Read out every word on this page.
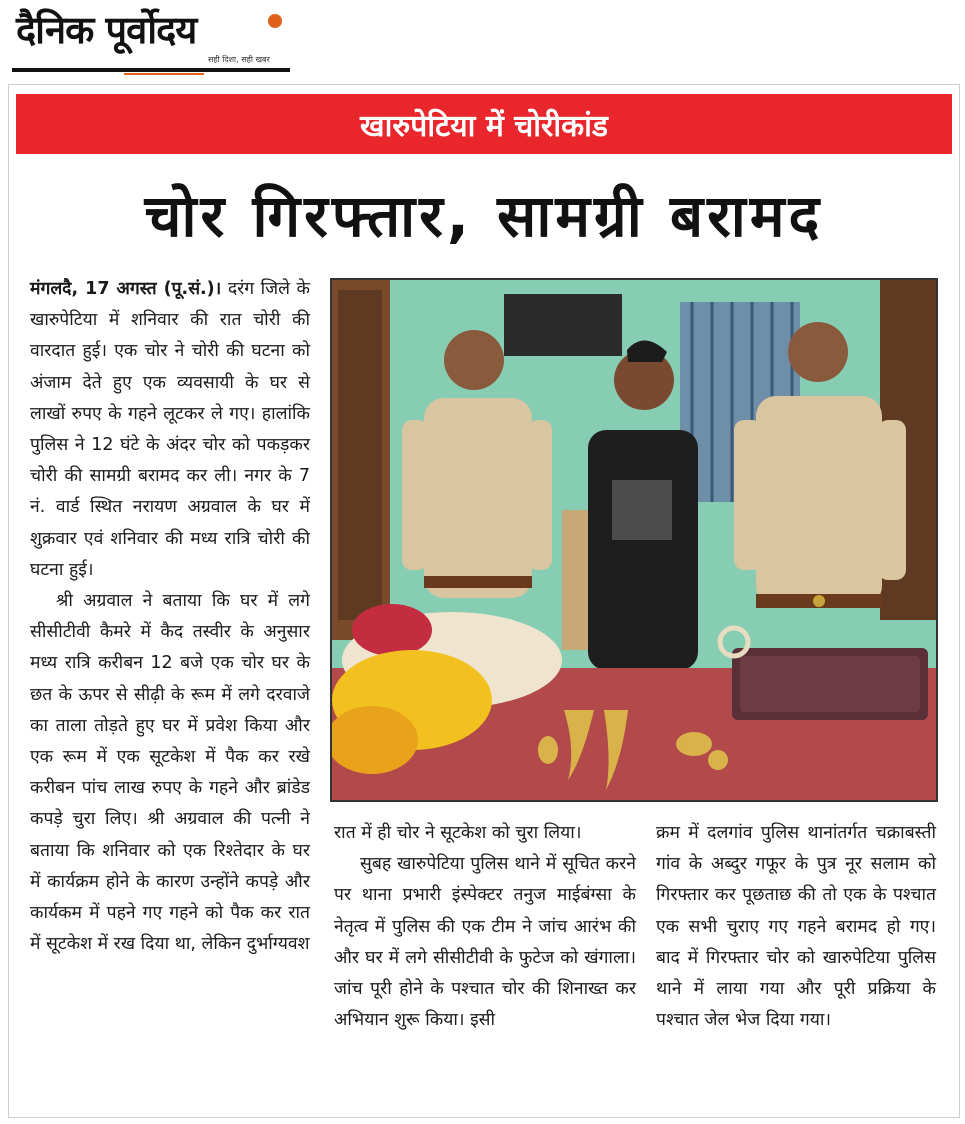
दैनिक पूर्वोदय
सही दिशा, सही खबर
खारुपेटिया में चोरीकांड
चोर गिरफ्तार, सामग्री बरामद

मंगलदै, 17 अगस्त (पू.सं.)। दरंग जिले के खारुपेटिया में शनिवार की रात चोरी की वारदात हुई। एक चोर ने चोरी की घटना को अंजाम देते हुए एक व्यवसायी के घर से लाखों रुपए के गहने लूटकर ले गए। हालांकि पुलिस ने 12 घंटे के अंदर चोर को पकड़कर चोरी की सामग्री बरामद कर ली। नगर के 7 नं. वार्ड स्थित नरायण अग्रवाल के घर में शुक्रवार एवं शनिवार की मध्य रात्रि चोरी की घटना हुई।

श्री अग्रवाल ने बताया कि घर में लगे सीसीटीवी कैमरे में कैद तस्वीर के अनुसार मध्य रात्रि करीबन 12 बजे एक चोर घर के छत के ऊपर से सीढ़ी के रूम में लगे दरवाजे का ताला तोड़ते हुए घर में प्रवेश किया और एक रूम में एक सूटकेश में पैक कर रखे करीबन पांच लाख रुपए के गहने और ब्रांडेड कपड़े चुरा लिए। श्री अग्रवाल की पत्नी ने बताया कि शनिवार को एक रिश्तेदार के घर में कार्यक्रम होने के कारण उन्होंने कपड़े और कार्यकम में पहने गए गहने को पैक कर रात में सूटकेश में रख दिया था, लेकिन दुर्भाग्यवश

रात में ही चोर ने सूटकेश को चुरा लिया।

सुबह खारुपेटिया पुलिस थाने में सूचित करने पर थाना प्रभारी इंस्पेक्टर तनुज माईबंग्सा के नेतृत्व में पुलिस की एक टीम ने जांच आरंभ की और घर में लगे सीसीटीवी के फुटेज को खंगाला। जांच पूरी होने के पश्चात चोर की शिनाख्त कर अभियान शुरू किया। इसी

क्रम में दलगांव पुलिस थानांतर्गत चक्राबस्ती गांव के अब्दुर गफूर के पुत्र नूर सलाम को गिरफ्तार कर पूछताछ की तो एक के पश्चात एक सभी चुराए गए गहने बरामद हो गए। बाद में गिरफ्तार चोर को खारुपेटिया पुलिस थाने में लाया गया और पूरी प्रक्रिया के पश्चात जेल भेज दिया गया।
